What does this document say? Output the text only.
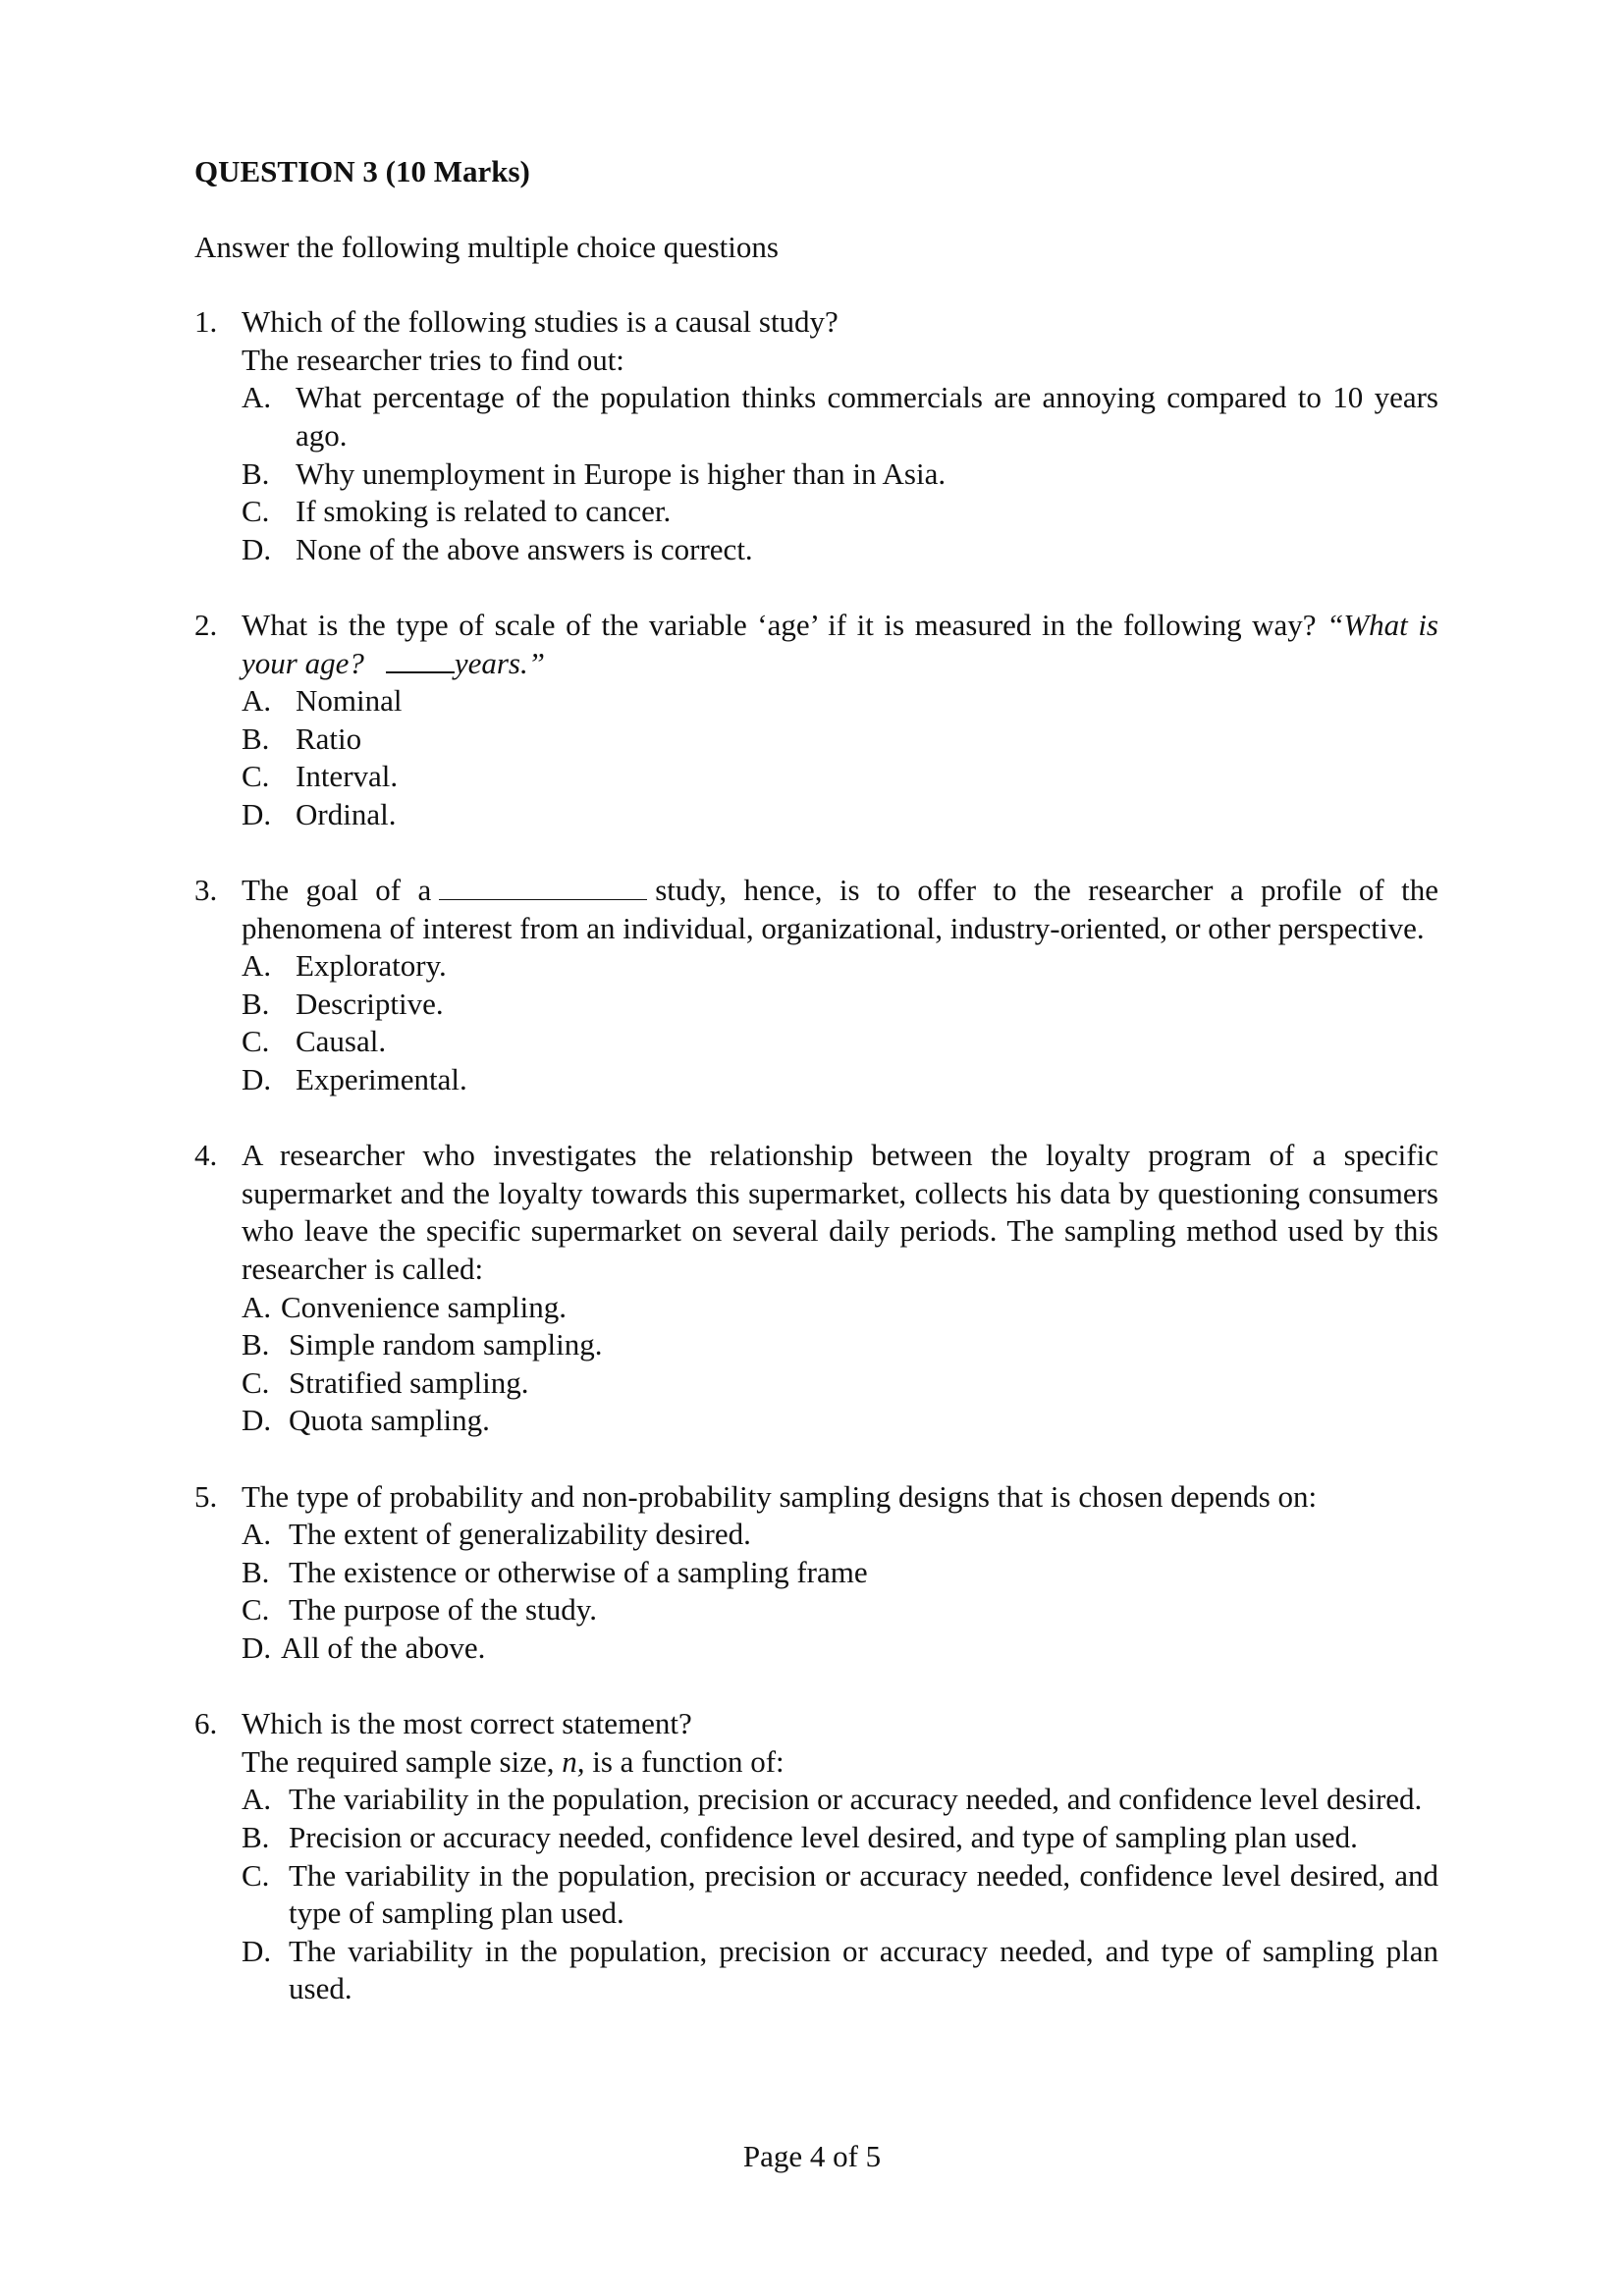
QUESTION 3 (10 Marks)

Answer the following multiple choice questions

1. Which of the following studies is a causal study?
The researcher tries to find out:
A. What percentage of the population thinks commercials are annoying compared to 10 years ago.
B. Why unemployment in Europe is higher than in Asia.
C. If smoking is related to cancer.
D. None of the above answers is correct.
2. What is the type of scale of the variable ‘age’ if it is measured in the following way? “What is your age?	years.”
A. Nominal
B. Ratio
C. Interval.
D. Ordinal.
3. The goal of a	study, hence, is to offer to the researcher a profile of the phenomena of interest from an individual, organizational, industry-oriented, or other perspective.
A. Exploratory.
B. Descriptive.
C. Causal.
D. Experimental.
4. A researcher who investigates the relationship between the loyalty program of a specific supermarket and the loyalty towards this supermarket, collects his data by questioning consumers who leave the specific supermarket on several daily periods. The sampling method used by this researcher is called:
A. Convenience sampling.
B. Simple random sampling.
C. Stratified sampling.
D. Quota sampling.
5. The type of probability and non-probability sampling designs that is chosen depends on:
A. The extent of generalizability desired.
B. The existence or otherwise of a sampling frame
C. The purpose of the study.
D. All of the above.
6. Which is the most correct statement?
The required sample size, n, is a function of:
A. The variability in the population, precision or accuracy needed, and confidence level desired.
B. Precision or accuracy needed, confidence level desired, and type of sampling plan used.
C. The variability in the population, precision or accuracy needed, confidence level desired, and type of sampling plan used.
D. The variability in the population, precision or accuracy needed, and type of sampling plan used.
Page 4 of 5
